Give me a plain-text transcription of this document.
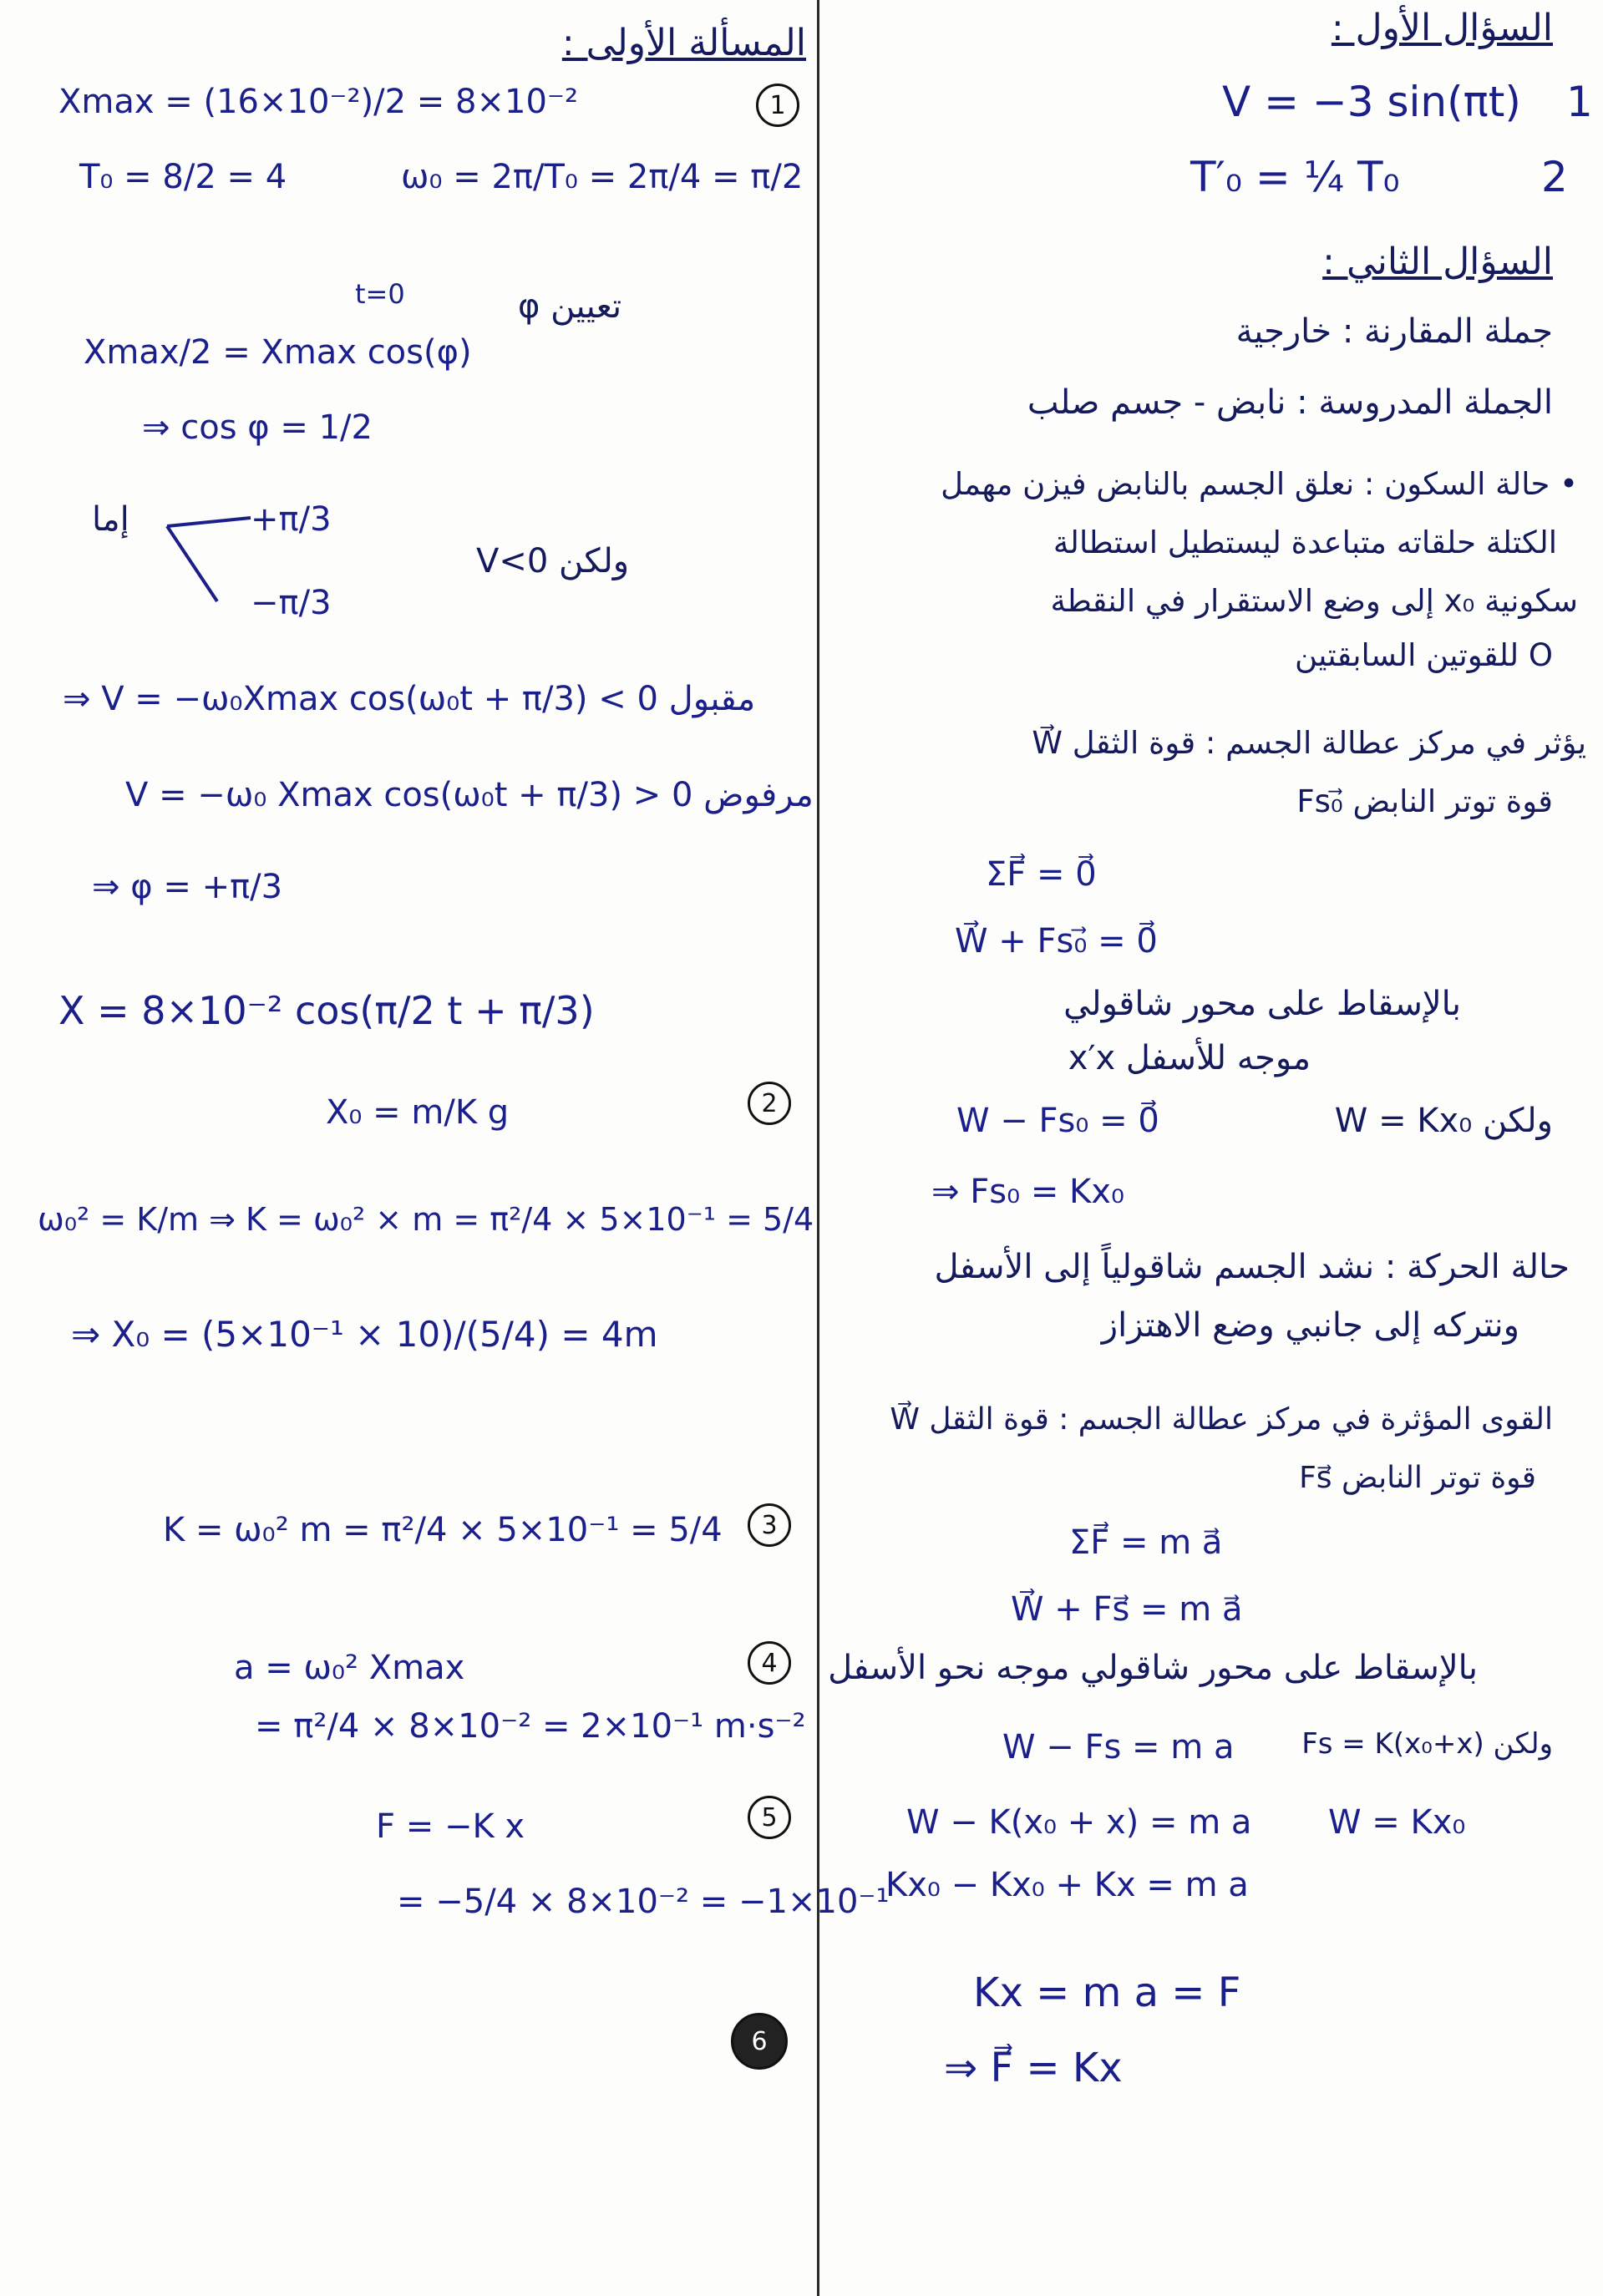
المسألة الأولى :
1
Xmax = (16×10⁻²)/2 = 8×10⁻²
T₀ = 8/2 = 4	ω₀ = 2π/T₀ = 2π/4 = π/2
t=0	تعيين φ
Xmax/2 = Xmax cos(φ)
⇒ cos φ = 1/2
إما	+π/3
−π/3
ولكن V<0
⇒ V = −ω₀Xmax cos(ω₀t + π/3) < 0 مقبول
V = −ω₀ Xmax cos(ω₀t + π/3) > 0 مرفوض
⇒ φ = +π/3
X = 8×10⁻² cos(π/2 t + π/3)
2
X₀ = m/K g
ω₀² = K/m ⇒ K = ω₀² × m = π²/4 × 5×10⁻¹ = 5/4
⇒ X₀ = (5×10⁻¹ × 10)/(5/4) = 4m
3
K = ω₀² m = π²/4 × 5×10⁻¹ = 5/4
4
a = ω₀² Xmax
= π²/4 × 8×10⁻² = 2×10⁻¹ m·s⁻²
5
F = −K x
= −5/4 × 8×10⁻² = −1×10⁻¹
6
السؤال الأول :
V = −3 sin(πt) 1
T′₀ = ¼ T₀	2
السؤال الثاني :
جملة المقارنة : خارجية
الجملة المدروسة : نابض - جسم صلب
• حالة السكون : نعلق الجسم بالنابض فيزن مهمل
الكتلة حلقاته متباعدة ليستطيل استطالة
سكونية x₀ إلى وضع الاستقرار في النقطة
O للقوتين السابقتين
يؤثر في مركز عطالة الجسم : قوة الثقل W⃗
قوة توتر النابض Fs₀⃗
ΣF⃗ = 0⃗
W⃗ + Fs₀⃗ = 0⃗
بالإسقاط على محور شاقولي
موجه للأسفل x′x
W − Fs₀ = 0⃗	ولكن W = Kx₀
⇒ Fs₀ = Kx₀
حالة الحركة : نشد الجسم شاقولياً إلى الأسفل
ونتركه إلى جانبي وضع الاهتزاز
القوى المؤثرة في مركز عطالة الجسم : قوة الثقل W⃗
قوة توتر النابض Fs⃗
ΣF⃗ = m a⃗
W⃗ + Fs⃗ = m a⃗
بالإسقاط على محور شاقولي موجه نحو الأسفل
W − Fs = m a ولكن Fs = K(x₀+x)
W − K(x₀ + x) = m a W = Kx₀
Kx₀ − Kx₀ + Kx = m a
Kx = m a = F
⇒ F⃗ = Kx
